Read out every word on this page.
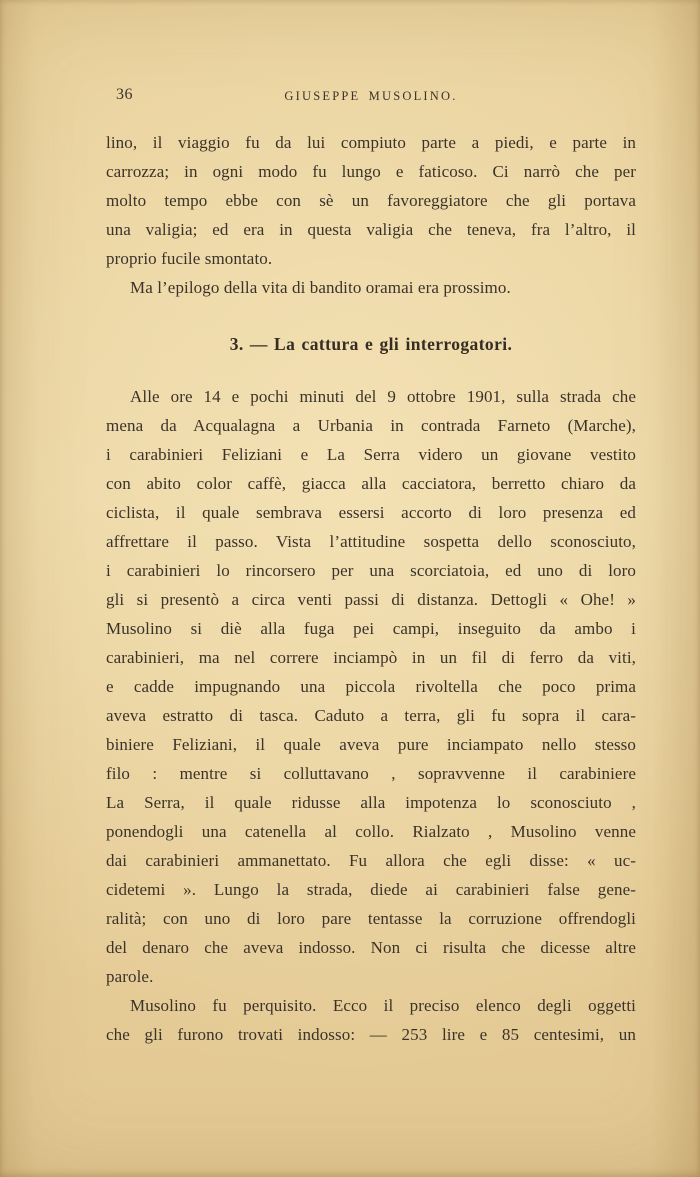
36	GIUSEPPE MUSOLINO.
lino, il viaggio fu da lui compiuto parte a piedi, e parte in
carrozza; in ogni modo fu lungo e faticoso. Ci narrò che per
molto tempo ebbe con sè un favoreggiatore che gli portava
una valigia; ed era in questa valigia che teneva, fra l’altro, il
proprio fucile smontato.
Ma l’epilogo della vita di bandito oramai era prossimo.
3. — La cattura e gli interrogatori.
Alle ore 14 e pochi minuti del 9 ottobre 1901, sulla strada che
mena da Acqualagna a Urbania in contrada Farneto (Marche),
i carabinieri Feliziani e La Serra videro un giovane vestito
con abito color caffè, giacca alla cacciatora, berretto chiaro da
ciclista, il quale sembrava essersi accorto di loro presenza ed
affrettare il passo. Vista l’attitudine sospetta dello sconosciuto,
i carabinieri lo rincorsero per una scorciatoia, ed uno di loro
gli si presentò a circa venti passi di distanza. Dettogli « Ohe! »
Musolino si diè alla fuga pei campi, inseguito da ambo i
carabinieri, ma nel correre inciampò in un fil di ferro da viti,
e cadde impugnando una piccola rivoltella che poco prima
aveva estratto di tasca. Caduto a terra, gli fu sopra il cara-
biniere Feliziani, il quale aveva pure inciampato nello stesso
filo : mentre si colluttavano , sopravvenne il carabiniere
La Serra, il quale ridusse alla impotenza lo sconosciuto ,
ponendogli una catenella al collo. Rialzato , Musolino venne
dai carabinieri ammanettato. Fu allora che egli disse: « uc-
cidetemi ». Lungo la strada, diede ai carabinieri false gene-
ralità; con uno di loro pare tentasse la corruzione offrendogli
del denaro che aveva indosso. Non ci risulta che dicesse altre
parole.
Musolino fu perquisito. Ecco il preciso elenco degli oggetti
che gli furono trovati indosso: — 253 lire e 85 centesimi, un
